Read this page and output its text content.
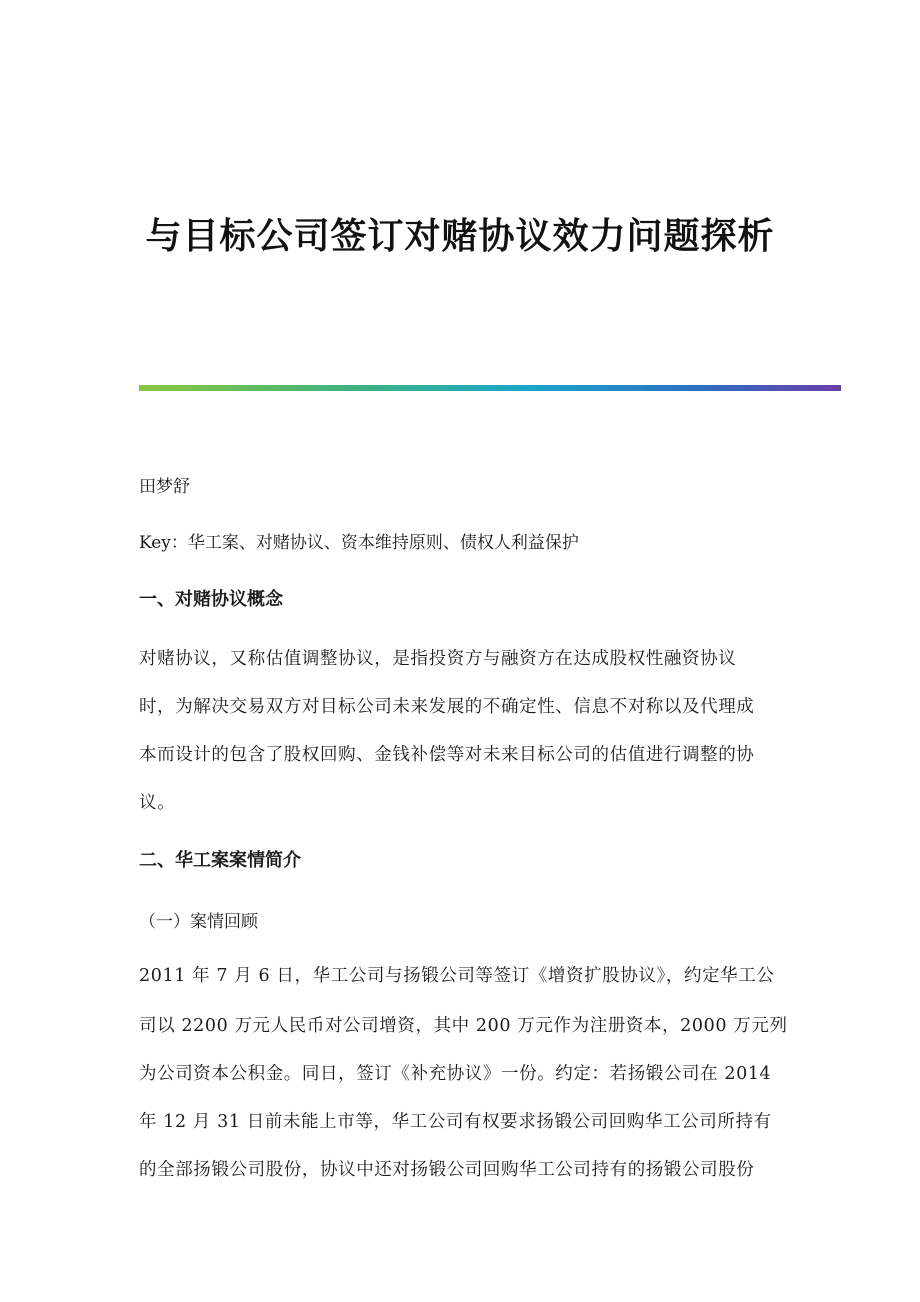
与目标公司签订对赌协议效力问题探析
田梦舒
Key：华工案、对赌协议、资本维持原则、债权人利益保护
一、对赌协议概念
对赌协议，又称估值调整协议，是指投资方与融资方在达成股权性融资协议
时，为解决交易双方对目标公司未来发展的不确定性、信息不对称以及代理成
本而设计的包含了股权回购、金钱补偿等对未来目标公司的估值进行调整的协
议。
二、华工案案情简介
（一）案情回顾
2011 年 7 月 6 日，华工公司与扬锻公司等签订《增资扩股协议》，约定华工公
司以 2200 万元人民币对公司增资，其中 200 万元作为注册资本，2000 万元列
为公司资本公积金。同日，签订《补充协议》一份。约定：若扬锻公司在 2014
年 12 月 31 日前未能上市等，华工公司有权要求扬锻公司回购华工公司所持有
的全部扬锻公司股份，协议中还对扬锻公司回购华工公司持有的扬锻公司股份
